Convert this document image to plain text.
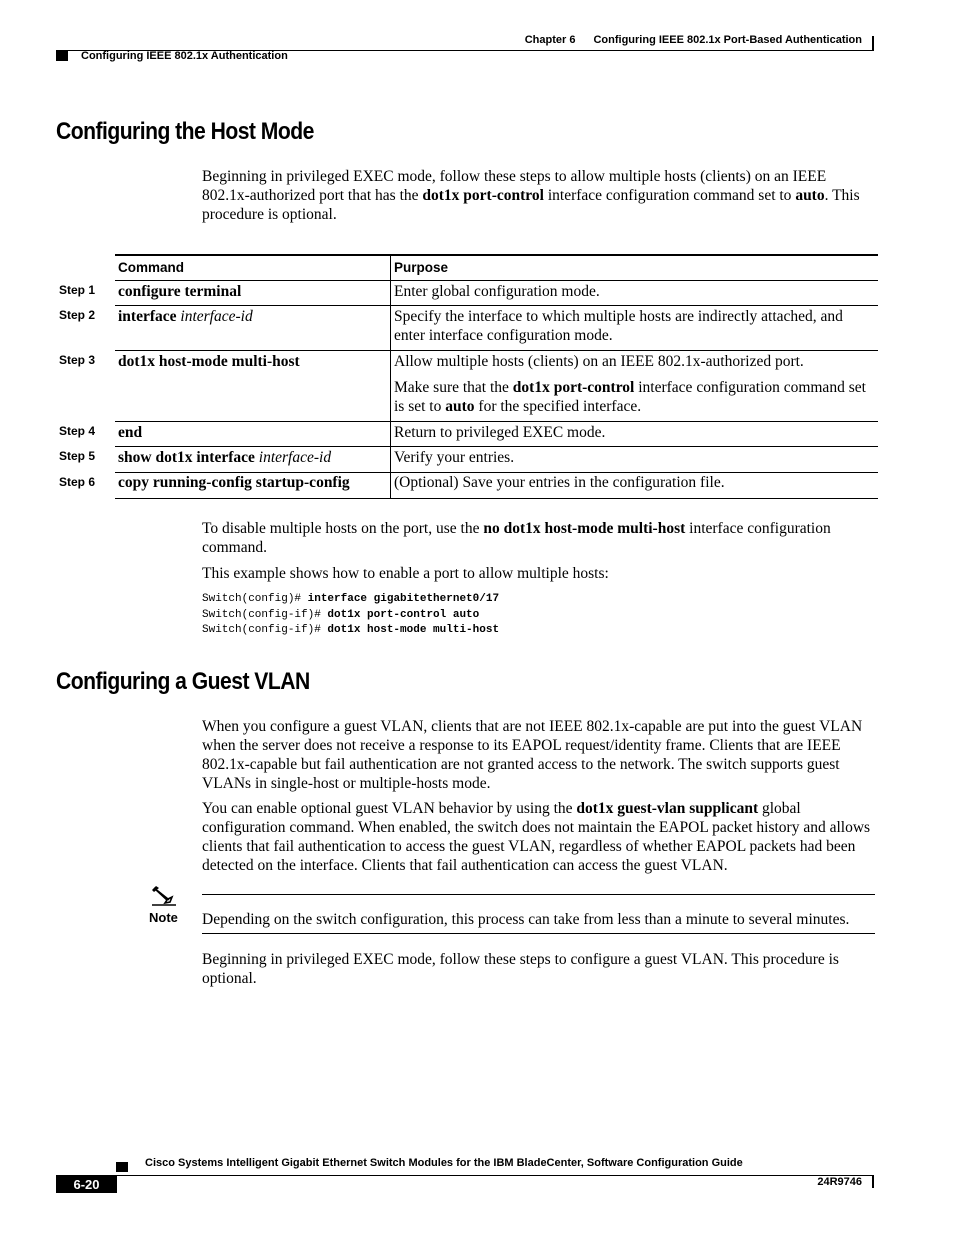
Chapter 6 Configuring IEEE 802.1x Port-Based Authentication
Configuring IEEE 802.1x Authentication
Configuring the Host Mode

Beginning in privileged EXEC mode, follow these steps to allow multiple hosts (clients) on an IEEE 802.1x-authorized port that has the dot1x port-control interface configuration command set to auto. This procedure is optional.

Command	Purpose
Step 1 configure terminal	Enter global configuration mode.
Step 2 interface interface-id	Specify the interface to which multiple hosts are indirectly attached, and enter interface configuration mode.
Step 3 dot1x host-mode multi-host	Allow multiple hosts (clients) on an IEEE 802.1x-authorized port.
Make sure that the dot1x port-control interface configuration command set is set to auto for the specified interface.
Step 4 end	Return to privileged EXEC mode.
Step 5 show dot1x interface interface-id	Verify your entries.
Step 6 copy running-config startup-config	(Optional) Save your entries in the configuration file.

To disable multiple hosts on the port, use the no dot1x host-mode multi-host interface configuration command.

This example shows how to enable a port to allow multiple hosts:

Switch(config)# interface gigabitethernet0/17
Switch(config-if)# dot1x port-control auto
Switch(config-if)# dot1x host-mode multi-host
Configuring a Guest VLAN

When you configure a guest VLAN, clients that are not IEEE 802.1x-capable are put into the guest VLAN when the server does not receive a response to its EAPOL request/identity frame. Clients that are IEEE 802.1x-capable but fail authentication are not granted access to the network. The switch supports guest VLANs in single-host or multiple-hosts mode.

You can enable optional guest VLAN behavior by using the dot1x guest-vlan supplicant global configuration command. When enabled, the switch does not maintain the EAPOL packet history and allows clients that fail authentication to access the guest VLAN, regardless of whether EAPOL packets had been detected on the interface. Clients that fail authentication can access the guest VLAN.

Note Depending on the switch configuration, this process can take from less than a minute to several minutes.

Beginning in privileged EXEC mode, follow these steps to configure a guest VLAN. This procedure is optional.

Cisco Systems Intelligent Gigabit Ethernet Switch Modules for the IBM BladeCenter, Software Configuration Guide
6-20	24R9746
